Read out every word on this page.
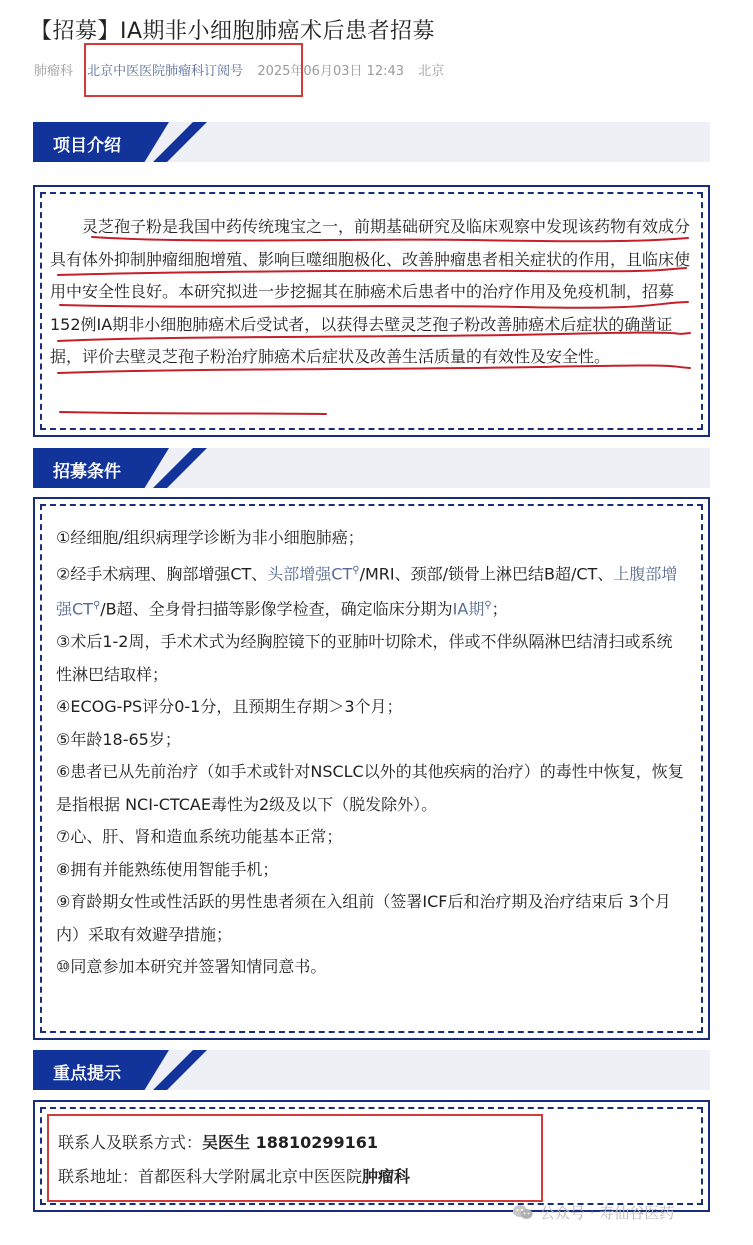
【招募】IA期非小细胞肺癌术后患者招募
肺瘤科 北京中医医院肺瘤科订阅号 2025年06月03日 12:43 北京
项目介绍

灵芝孢子粉是我国中药传统瑰宝之一，前期基础研究及临床观察中发现该药物有效成分具有体外抑制肿瘤细胞增殖、影响巨噬细胞极化、改善肿瘤患者相关症状的作用，且临床使用中安全性良好。本研究拟进一步挖掘其在肺癌术后患者中的治疗作用及免疫机制，招募152例IA期非小细胞肺癌术后受试者，以获得去壁灵芝孢子粉改善肺癌术后症状的确凿证据，评价去壁灵芝孢子粉治疗肺癌术后症状及改善生活质量的有效性及安全性。

招募条件
①经细胞/组织病理学诊断为非小细胞肺癌；
②经手术病理、胸部增强CT、头部增强CT⚲/MRI、颈部/锁骨上淋巴结B超/CT、上腹部增强CT⚲/B超、全身骨扫描等影像学检查，确定临床分期为IA期⚲；
③术后1-2周，手术术式为经胸腔镜下的亚肺叶切除术，伴或不伴纵隔淋巴结清扫或系统性淋巴结取样；
④ECOG-PS评分0-1分，且预期生存期＞3个月；
⑤年龄18-65岁；
⑥患者已从先前治疗（如手术或针对NSCLC以外的其他疾病的治疗）的毒性中恢复，恢复是指根据 NCI-CTCAE毒性为2级及以下（脱发除外）。
⑦心、肝、肾和造血系统功能基本正常；
⑧拥有并能熟练使用智能手机；
⑨育龄期女性或性活跃的男性患者须在入组前（签署ICF后和治疗期及治疗结束后 3个月内）采取有效避孕措施；
⑩同意参加本研究并签署知情同意书。
重点提示
联系人及联系方式：吴医生 18810299161
联系地址：首都医科大学附属北京中医医院肿瘤科
公众号 · 寿仙谷医药
